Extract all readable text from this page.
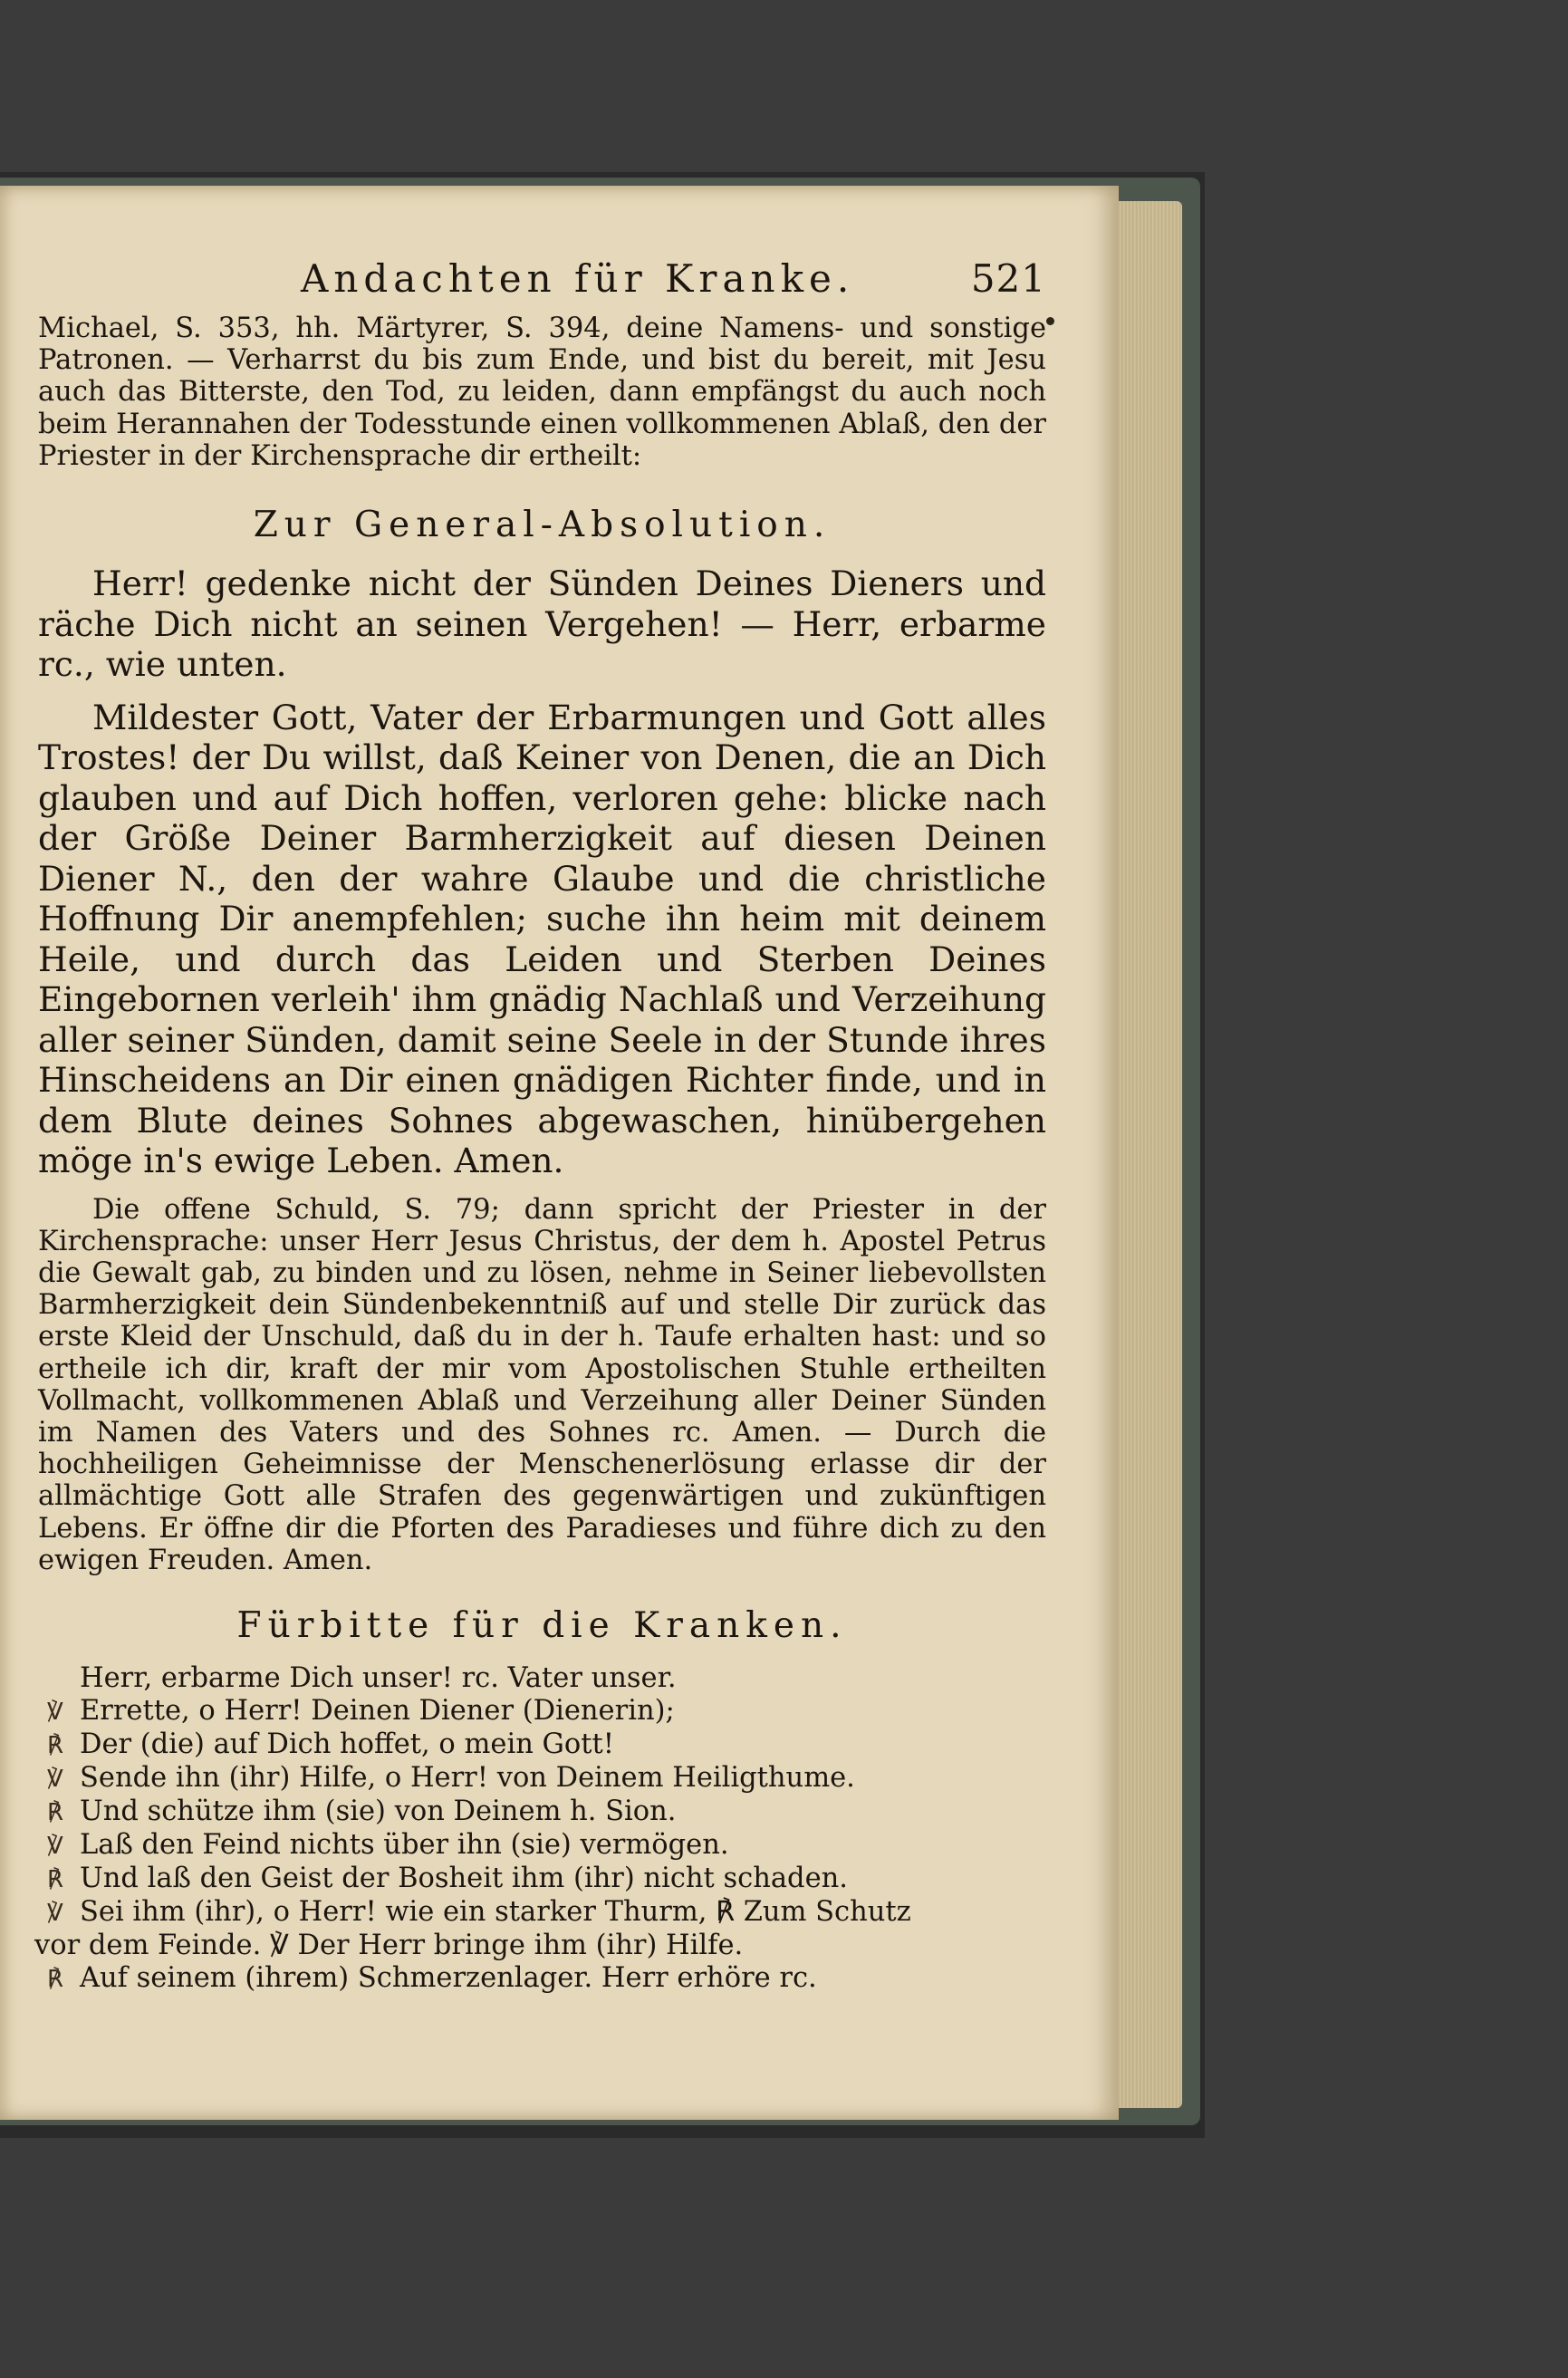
Andachten für Kranke.	521

Michael, S. 353, hh. Märtyrer, S. 394, deine Namens- und sonstige Patronen. — Verharrst du bis zum Ende, und bist du bereit, mit Jesu auch das Bitterste, den Tod, zu leiden, dann empfängst du auch noch beim Herannahen der Todesstunde einen vollkommenen Ablaß, den der Priester in der Kirchensprache dir ertheilt:

Zur General-Absolution.

Herr! gedenke nicht der Sünden Deines Dieners und räche Dich nicht an seinen Vergehen! — Herr, erbarme rc., wie unten.

Mildester Gott, Vater der Erbarmungen und Gott alles Trostes! der Du willst, daß Keiner von Denen, die an Dich glauben und auf Dich hoffen, verloren gehe: blicke nach der Größe Deiner Barmherzigkeit auf diesen Deinen Diener N., den der wahre Glaube und die christliche Hoffnung Dir anempfehlen; suche ihn heim mit deinem Heile, und durch das Leiden und Sterben Deines Eingebornen verleih' ihm gnädig Nachlaß und Verzeihung aller seiner Sünden, damit seine Seele in der Stunde ihres Hinscheidens an Dir einen gnädigen Richter finde, und in dem Blute deines Sohnes abgewaschen, hinübergehen möge in's ewige Leben. Amen.

Die offene Schuld, S. 79; dann spricht der Priester in der Kirchensprache: unser Herr Jesus Christus, der dem h. Apostel Petrus die Gewalt gab, zu binden und zu lösen, nehme in Seiner liebevollsten Barmherzigkeit dein Sündenbekenntniß auf und stelle Dir zurück das erste Kleid der Unschuld, daß du in der h. Taufe erhalten hast: und so ertheile ich dir, kraft der mir vom Apostolischen Stuhle ertheilten Vollmacht, vollkommenen Ablaß und Verzeihung aller Deiner Sünden im Namen des Vaters und des Sohnes rc. Amen. — Durch die hochheiligen Geheimnisse der Menschenerlösung erlasse dir der allmächtige Gott alle Strafen des gegenwärtigen und zukünftigen Lebens. Er öffne dir die Pforten des Paradieses und führe dich zu den ewigen Freuden. Amen.

Fürbitte für die Kranken.
Herr, erbarme Dich unser! rc. Vater unser.
℣ Errette, o Herr! Deinen Diener (Dienerin);
℟ Der (die) auf Dich hoffet, o mein Gott!
℣ Sende ihn (ihr) Hilfe, o Herr! von Deinem Heiligthume.
℟ Und schütze ihm (sie) von Deinem h. Sion.
℣ Laß den Feind nichts über ihn (sie) vermögen.
℟ Und laß den Geist der Bosheit ihm (ihr) nicht schaden.
℣ Sei ihm (ihr), o Herr! wie ein starker Thurm, ℟ Zum Schutz
vor dem Feinde. ℣ Der Herr bringe ihm (ihr) Hilfe.
℟ Auf seinem (ihrem) Schmerzenlager. Herr erhöre rc.
